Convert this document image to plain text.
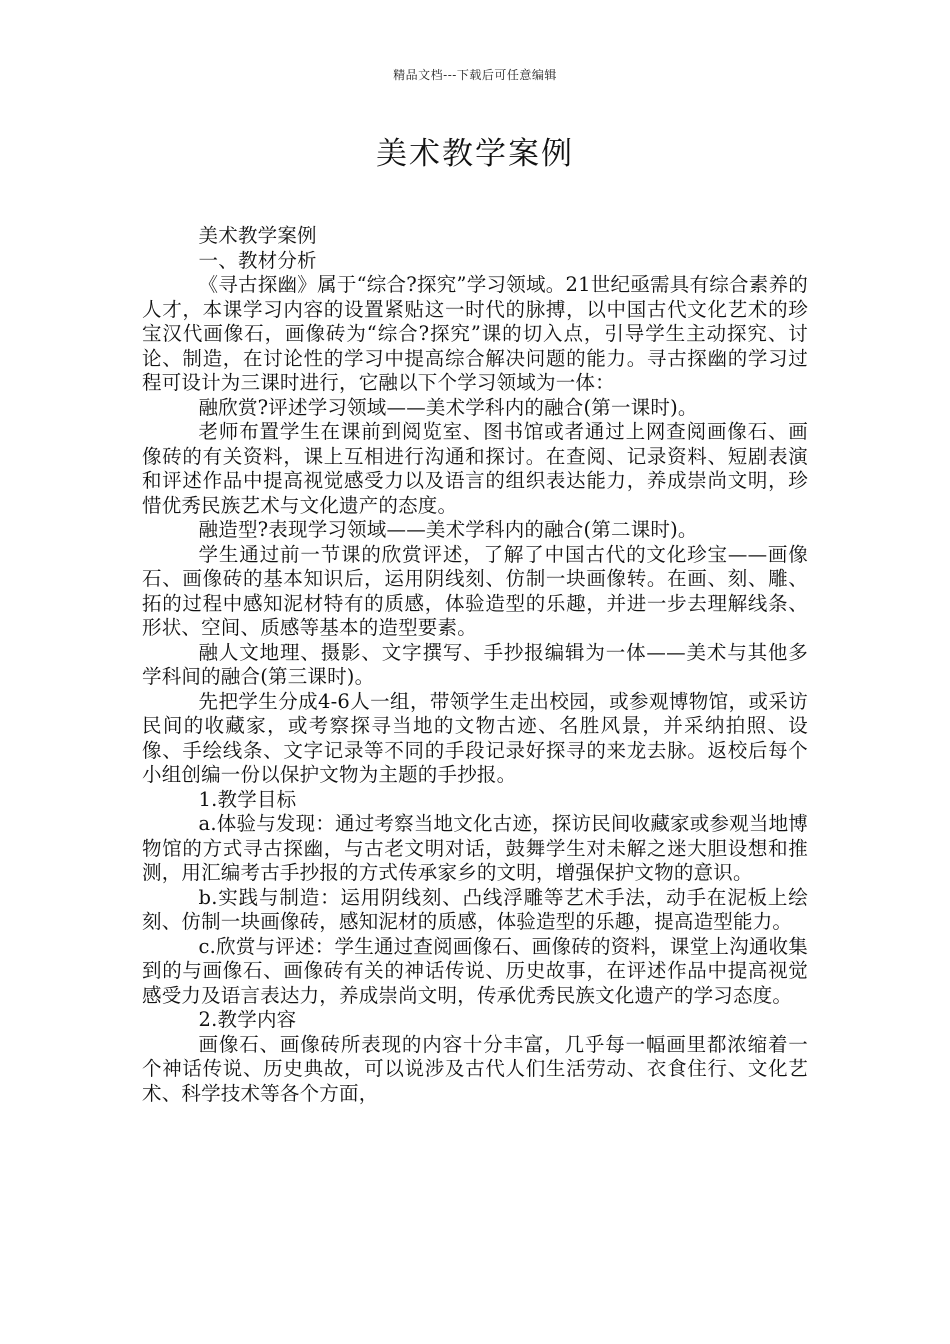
精品文档---下载后可任意编辑
美术教学案例

美术教学案例

一、教材分析

《寻古探幽》属于“综合?探究”学习领域。21世纪亟需具有综合素养的人才，本课学习内容的设置紧贴这一时代的脉搏，以中国古代文化艺术的珍宝汉代画像石，画像砖为“综合?探究”课的切入点，引导学生主动探究、讨论、制造，在讨论性的学习中提高综合解决问题的能力。寻古探幽的学习过程可设计为三课时进行，它融以下个学习领域为一体：

融欣赏?评述学习领域——美术学科内的融合(第一课时)。

老师布置学生在课前到阅览室、图书馆或者通过上网查阅画像石、画像砖的有关资料，课上互相进行沟通和探讨。在查阅、记录资料、短剧表演和评述作品中提高视觉感受力以及语言的组织表达能力，养成崇尚文明，珍惜优秀民族艺术与文化遗产的态度。

融造型?表现学习领域——美术学科内的融合(第二课时)。

学生通过前一节课的欣赏评述，了解了中国古代的文化珍宝——画像石、画像砖的基本知识后，运用阴线刻、仿制一块画像转。在画、刻、雕、拓的过程中感知泥材特有的质感，体验造型的乐趣，并进一步去理解线条、形状、空间、质感等基本的造型要素。

融人文地理、摄影、文字撰写、手抄报编辑为一体——美术与其他多学科间的融合(第三课时)。

先把学生分成4-6人一组，带领学生走出校园，或参观博物馆，或采访民间的收藏家，或考察探寻当地的文物古迹、名胜风景，并采纳拍照、设像、手绘线条、文字记录等不同的手段记录好探寻的来龙去脉。返校后每个小组创编一份以保护文物为主题的手抄报。

1.教学目标

a.体验与发现：通过考察当地文化古迹，探访民间收藏家或参观当地博物馆的方式寻古探幽，与古老文明对话，鼓舞学生对未解之迷大胆设想和推测，用汇编考古手抄报的方式传承家乡的文明，增强保护文物的意识。

b.实践与制造：运用阴线刻、凸线浮雕等艺术手法，动手在泥板上绘刻、仿制一块画像砖，感知泥材的质感，体验造型的乐趣，提高造型能力。

c.欣赏与评述：学生通过查阅画像石、画像砖的资料，课堂上沟通收集到的与画像石、画像砖有关的神话传说、历史故事，在评述作品中提高视觉感受力及语言表达力，养成崇尚文明，传承优秀民族文化遗产的学习态度。

2.教学内容

画像石、画像砖所表现的内容十分丰富，几乎每一幅画里都浓缩着一个神话传说、历史典故，可以说涉及古代人们生活劳动、衣食住行、文化艺术、科学技术等各个方面，
